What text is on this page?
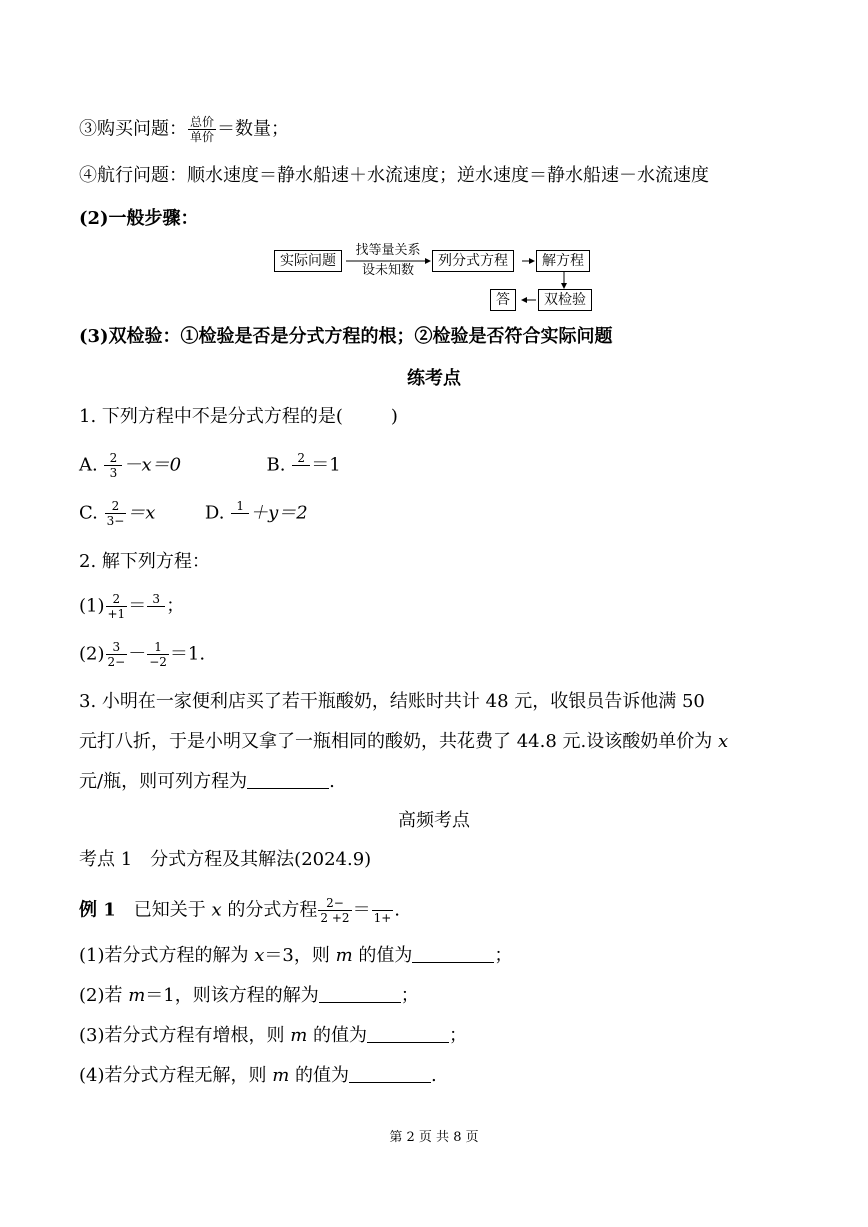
③购买问题： $\frac{\text{总价}}{\text{单价}}$ ＝数量；
④航行问题：顺水速度＝静水船速＋水流速度；逆水速度＝静水船速－水流速度
(2)一般步骤：
实际问题
找等量关系
设未知数
列分式方程	解方程
双检验
答
(3)双检验：①检验是否是分式方程的根；②检验是否符合实际问题
练考点
1. 下列方程中不是分式方程的是(	)
A. $\frac{2}{3} -x=0$	B. 2 ＝1
C. $\frac{2}{3-} =x$	D. 1 ＋y＝2
2. 解下列方程：
$(1) \frac{2}{+1} = 3$ ；
$(2) \frac{3}{2-} - \frac{1}{-2} =1$.
3. 小明在一家便利店买了若干瓶酸奶，结账时共计 48 元，收银员告诉他满 50
元打八折，于是小明又拿了一瓶相同的酸奶，共花费了 44.8 元.设该酸奶单价为 x
元/瓶，则可列方程为	.
高频考点
考点 1　分式方程及其解法(2024.9)
例 1　已知关于 x 的分式方程 $\frac{2-}{2 +2} = 1+$ .
(1)若分式方程的解为 x＝3，则 m 的值为	；
(2)若 m＝1，则该方程的解为	；
(3)若分式方程有增根，则 m 的值为	；
(4)若分式方程无解，则 m 的值为	.
第 2 页 共 8 页
